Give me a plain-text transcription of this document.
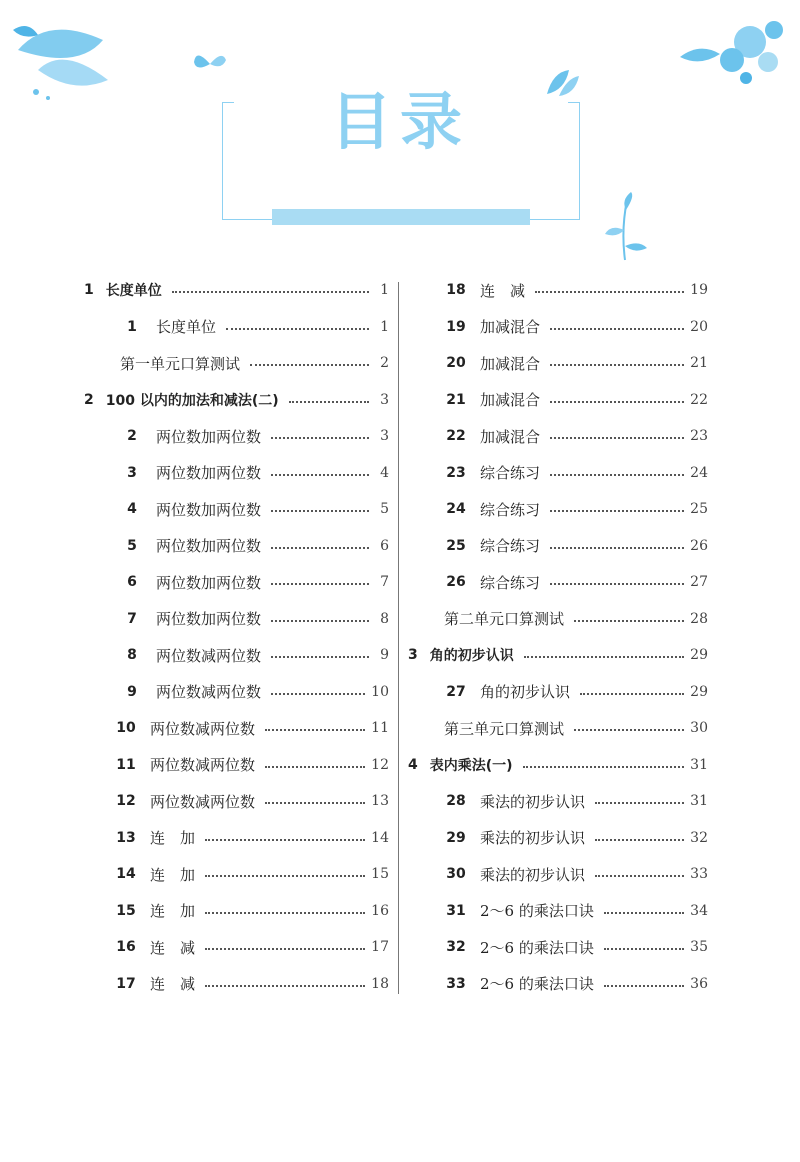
目录
1 长度单位	1
1	长度单位	1
第一单元口算测试	2
2 100 以内的加法和减法(二)	3
2	两位数加两位数	3
3	两位数加两位数	4
4	两位数加两位数	5
5	两位数加两位数	6
6	两位数加两位数	7
7	两位数加两位数	8
8	两位数减两位数	9
9	两位数减两位数	10
10 两位数减两位数	11
11 两位数减两位数	12
12 两位数减两位数	13
13 连　加	14
14 连　加	15
15 连　加	16
16 连　减	17
17 连　减	18
18 连　减	19
19 加减混合	20
20 加减混合	21
21 加减混合	22
22 加减混合	23
23 综合练习	24
24 综合练习	25
25 综合练习	26
26 综合练习	27
第二单元口算测试	28
3 角的初步认识	29
27 角的初步认识	29
第三单元口算测试	30
4 表内乘法(一)	31
28 乘法的初步认识	31
29 乘法的初步认识	32
30 乘法的初步认识	33
31 2～6 的乘法口诀	34
32 2～6 的乘法口诀	35
33 2～6 的乘法口诀	36
